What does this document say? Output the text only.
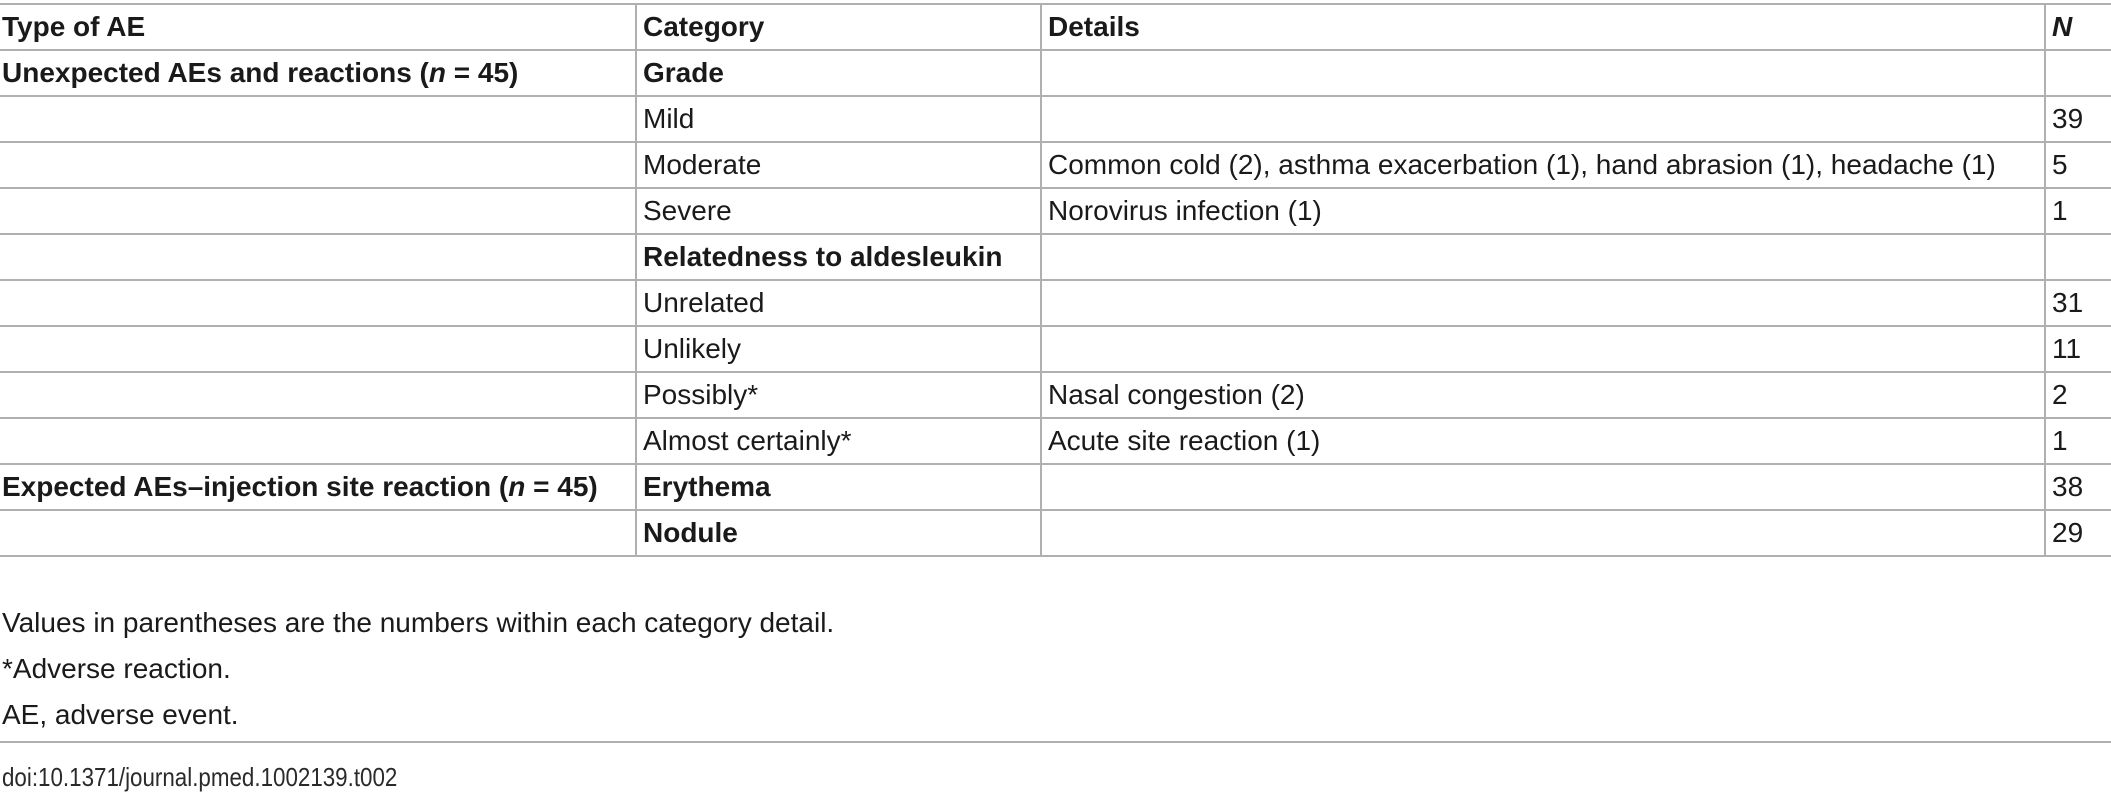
Type of AE	Category	Details	N
Unexpected AEs and reactions (n = 45)	Grade		
	Mild		39
	Moderate	Common cold (2), asthma exacerbation (1), hand abrasion (1), headache (1)	5
	Severe	Norovirus infection (1)	1
	Relatedness to aldesleukin		
	Unrelated		31
	Unlikely		11
	Possibly*	Nasal congestion (2)	2
	Almost certainly*	Acute site reaction (1)	1
Expected AEs–injection site reaction (n = 45)	Erythema		38
	Nodule		29

Values in parentheses are the numbers within each category detail.

*Adverse reaction.

AE, adverse event.

doi:10.1371/journal.pmed.1002139.t002
